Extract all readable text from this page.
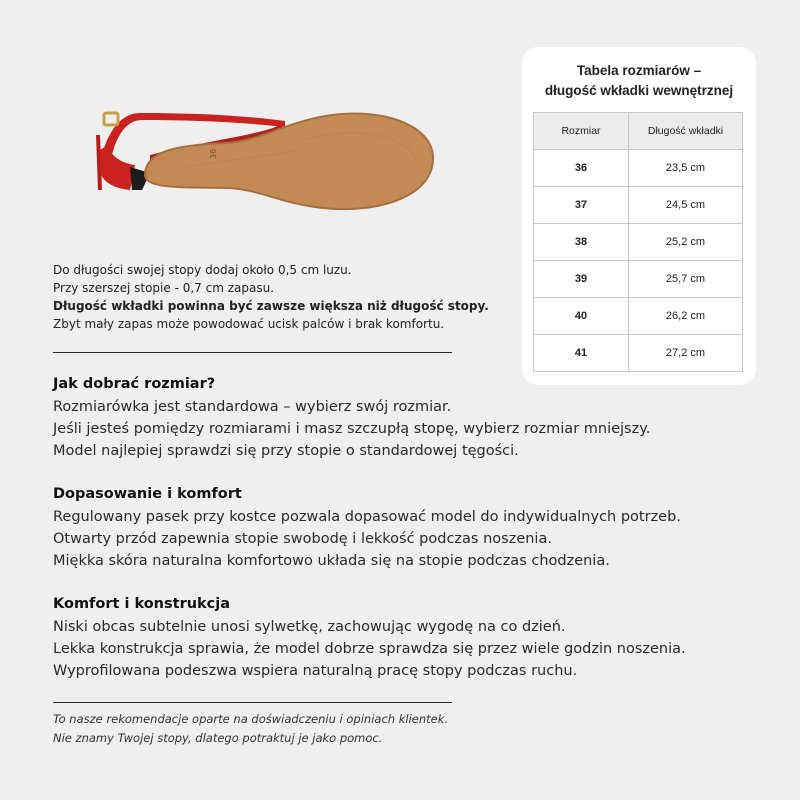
36
Tabela rozmiarów –
długość wkładki wewnętrznej
Rozmiar	Długość wkładki
36	23,5 cm
37	24,5 cm
38	25,2 cm
39	25,7 cm
40	26,2 cm
41	27,2 cm
Do długości swojej stopy dodaj około 0,5 cm luzu.
Przy szerszej stopie - 0,7 cm zapasu.
Długość wkładki powinna być zawsze większa niż długość stopy.
Zbyt mały zapas może powodować ucisk palców i brak komfortu.
Jak dobrać rozmiar?

Rozmiarówka jest standardowa – wybierz swój rozmiar.

Jeśli jesteś pomiędzy rozmiarami i masz szczupłą stopę, wybierz rozmiar mniejszy.

Model najlepiej sprawdzi się przy stopie o standardowej tęgości.

Dopasowanie i komfort

Regulowany pasek przy kostce pozwala dopasować model do indywidualnych potrzeb.

Otwarty przód zapewnia stopie swobodę i lekkość podczas noszenia.

Miękka skóra naturalna komfortowo układa się na stopie podczas chodzenia.

Komfort i konstrukcja

Niski obcas subtelnie unosi sylwetkę, zachowując wygodę na co dzień.

Lekka konstrukcja sprawia, że model dobrze sprawdza się przez wiele godzin noszenia.

Wyprofilowana podeszwa wspiera naturalną pracę stopy podczas ruchu.

To nasze rekomendacje oparte na doświadczeniu i opiniach klientek.
Nie znamy Twojej stopy, dlatego potraktuj je jako pomoc.
